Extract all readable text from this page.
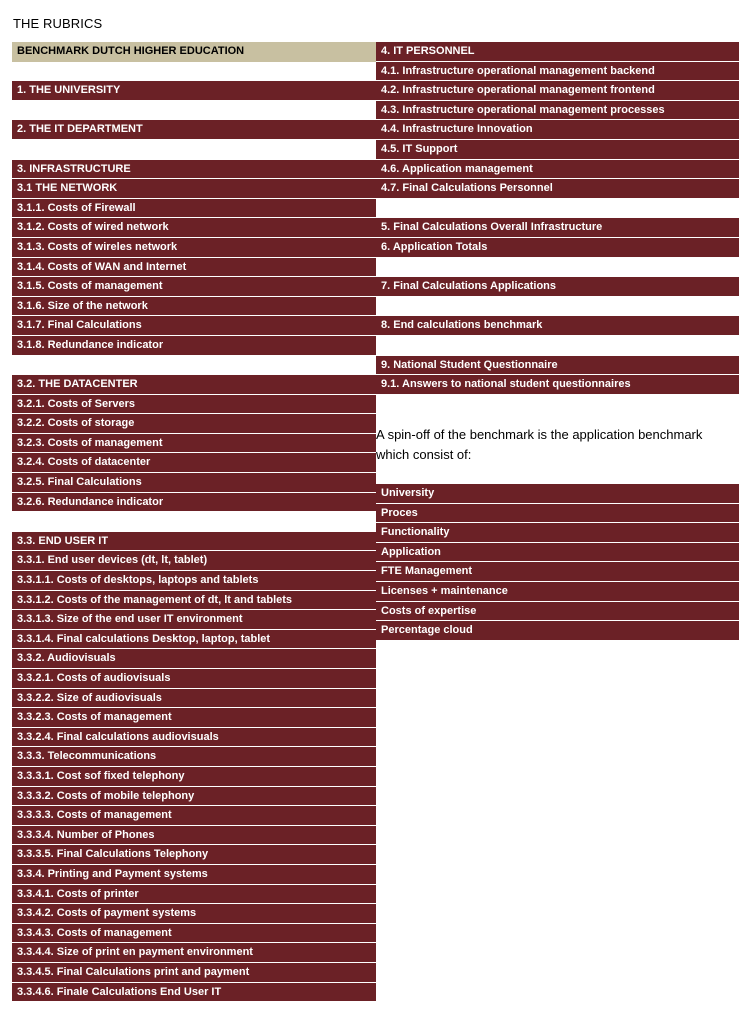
THE RUBRICS
BENCHMARK DUTCH HIGHER EDUCATION
1. THE UNIVERSITY
2. THE IT DEPARTMENT
3. INFRASTRUCTURE
3.1 THE NETWORK
3.1.1. Costs of Firewall
3.1.2. Costs of wired network
3.1.3. Costs of wireles network
3.1.4. Costs of WAN and Internet
3.1.5. Costs of management
3.1.6. Size of the network
3.1.7. Final Calculations
3.1.8. Redundance indicator
3.2. THE DATACENTER
3.2.1. Costs of Servers
3.2.2. Costs of storage
3.2.3. Costs of management
3.2.4. Costs of datacenter
3.2.5. Final Calculations
3.2.6. Redundance indicator
3.3. END USER IT
3.3.1. End user devices (dt, lt, tablet)
3.3.1.1. Costs of desktops, laptops and tablets
3.3.1.2. Costs of the management of dt, lt and tablets
3.3.1.3. Size of the end user IT environment
3.3.1.4. Final calculations Desktop, laptop, tablet
3.3.2. Audiovisuals
3.3.2.1. Costs of audiovisuals
3.3.2.2. Size of audiovisuals
3.3.2.3. Costs of management
3.3.2.4. Final calculations audiovisuals
3.3.3. Telecommunications
3.3.3.1. Cost sof fixed telephony
3.3.3.2. Costs of mobile telephony
3.3.3.3. Costs of management
3.3.3.4. Number of Phones
3.3.3.5. Final Calculations Telephony
3.3.4. Printing and Payment systems
3.3.4.1. Costs of printer
3.3.4.2. Costs of payment systems
3.3.4.3. Costs of management
3.3.4.4. Size of print en payment environment
3.3.4.5. Final Calculations print and payment
3.3.4.6. Finale Calculations End User IT
4. IT PERSONNEL
4.1. Infrastructure operational management backend
4.2. Infrastructure operational management frontend
4.3. Infrastructure operational management processes
4.4. Infrastructure Innovation
4.5. IT Support
4.6. Application management
4.7. Final Calculations Personnel
5. Final Calculations Overall Infrastructure
6. Application Totals
7. Final Calculations Applications
8. End calculations benchmark
9. National Student Questionnaire
9.1. Answers to national student questionnaires
A spin-off of the benchmark is the application benchmark which consist of:
University
Proces
Functionality
Application
FTE Management
Licenses + maintenance
Costs of expertise
Percentage cloud
